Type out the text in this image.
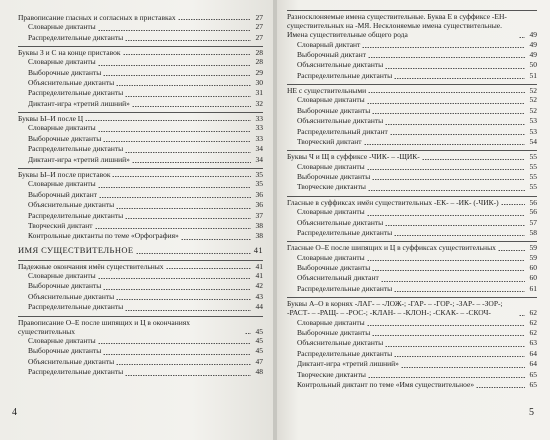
Правописание гласных и согласных в приставках	27
Словарные диктанты	27
Распределительные диктанты	27
Буквы З и С на конце приставок	28
Словарные диктанты	28
Выборочные диктанты	29
Объяснительные диктанты	30
Распределительные диктанты	31
Диктант-игра «третий лишний»	32
Буквы Ы–И после Ц	33
Словарные диктанты	33
Выборочные диктанты	33
Распределительные диктанты	34
Диктант-игра «третий лишний»	34
Буквы Ы–И после приставок	35
Словарные диктанты	35
Выборочный диктант	36
Объяснительные диктанты	36
Распределительные диктанты	37
Творческий диктант	38
Контрольные диктанты по теме «Орфография»	38
ИМЯ СУЩЕСТВИТЕЛЬНОЕ	41
Падежные окончания имён существительных	41
Словарные диктанты	41
Выборочные диктанты	42
Объяснительные диктанты	43
Распределительные диктанты	44
Правописание О–Е после шипящих и Ц в окончаниях существительных	45
Словарные диктанты	45
Выборочные диктанты	45
Объяснительные диктанты	47
Распределительные диктанты	48
4
Разносклоняемые имена существительные. Буква Е в суффиксе -ЕН- существительных на -МЯ. Несклоняемые имена существительные. Имена существительные общего рода	49
Словарный диктант	49
Выборочный диктант	49
Объяснительные диктанты	50
Распределительные диктанты	51
НЕ с существительными	52
Словарные диктанты	52
Выборочные диктанты	52
Объяснительные диктанты	53
Распределительный диктант	53
Творческий диктант	54
Буквы Ч и Щ в суффиксе -ЧИК- – -ЩИК-	55
Словарные диктанты	55
Выборочные диктанты	55
Творческие диктанты	55
Гласные в суффиксах имён существительных -ЕК- – -ИК- (-ЧИК-)	56
Словарные диктанты	56
Объяснительные диктанты	57
Распределительные диктанты	58
Гласные О–Е после шипящих и Ц в суффиксах существительных	59
Словарные диктанты	59
Выборочные диктанты	60
Объяснительный диктант	60
Распределительные диктанты	61
Буквы А–О в корнях -ЛАГ- – -ЛОЖ-; -ГАР- – -ГОР-; -ЗАР- – -ЗОР-; -РАСТ- – -РАЩ- – -РОС-; -КЛАН- – -КЛОН-; -СКАК- – -СКОЧ-	62
Словарные диктанты	62
Выборочные диктанты	62
Объяснительные диктанты	63
Распределительные диктанты	64
Диктант-игра «третий лишний»	64
Творческие диктанты	65
Контрольный диктант по теме «Имя существительное»	65
5
